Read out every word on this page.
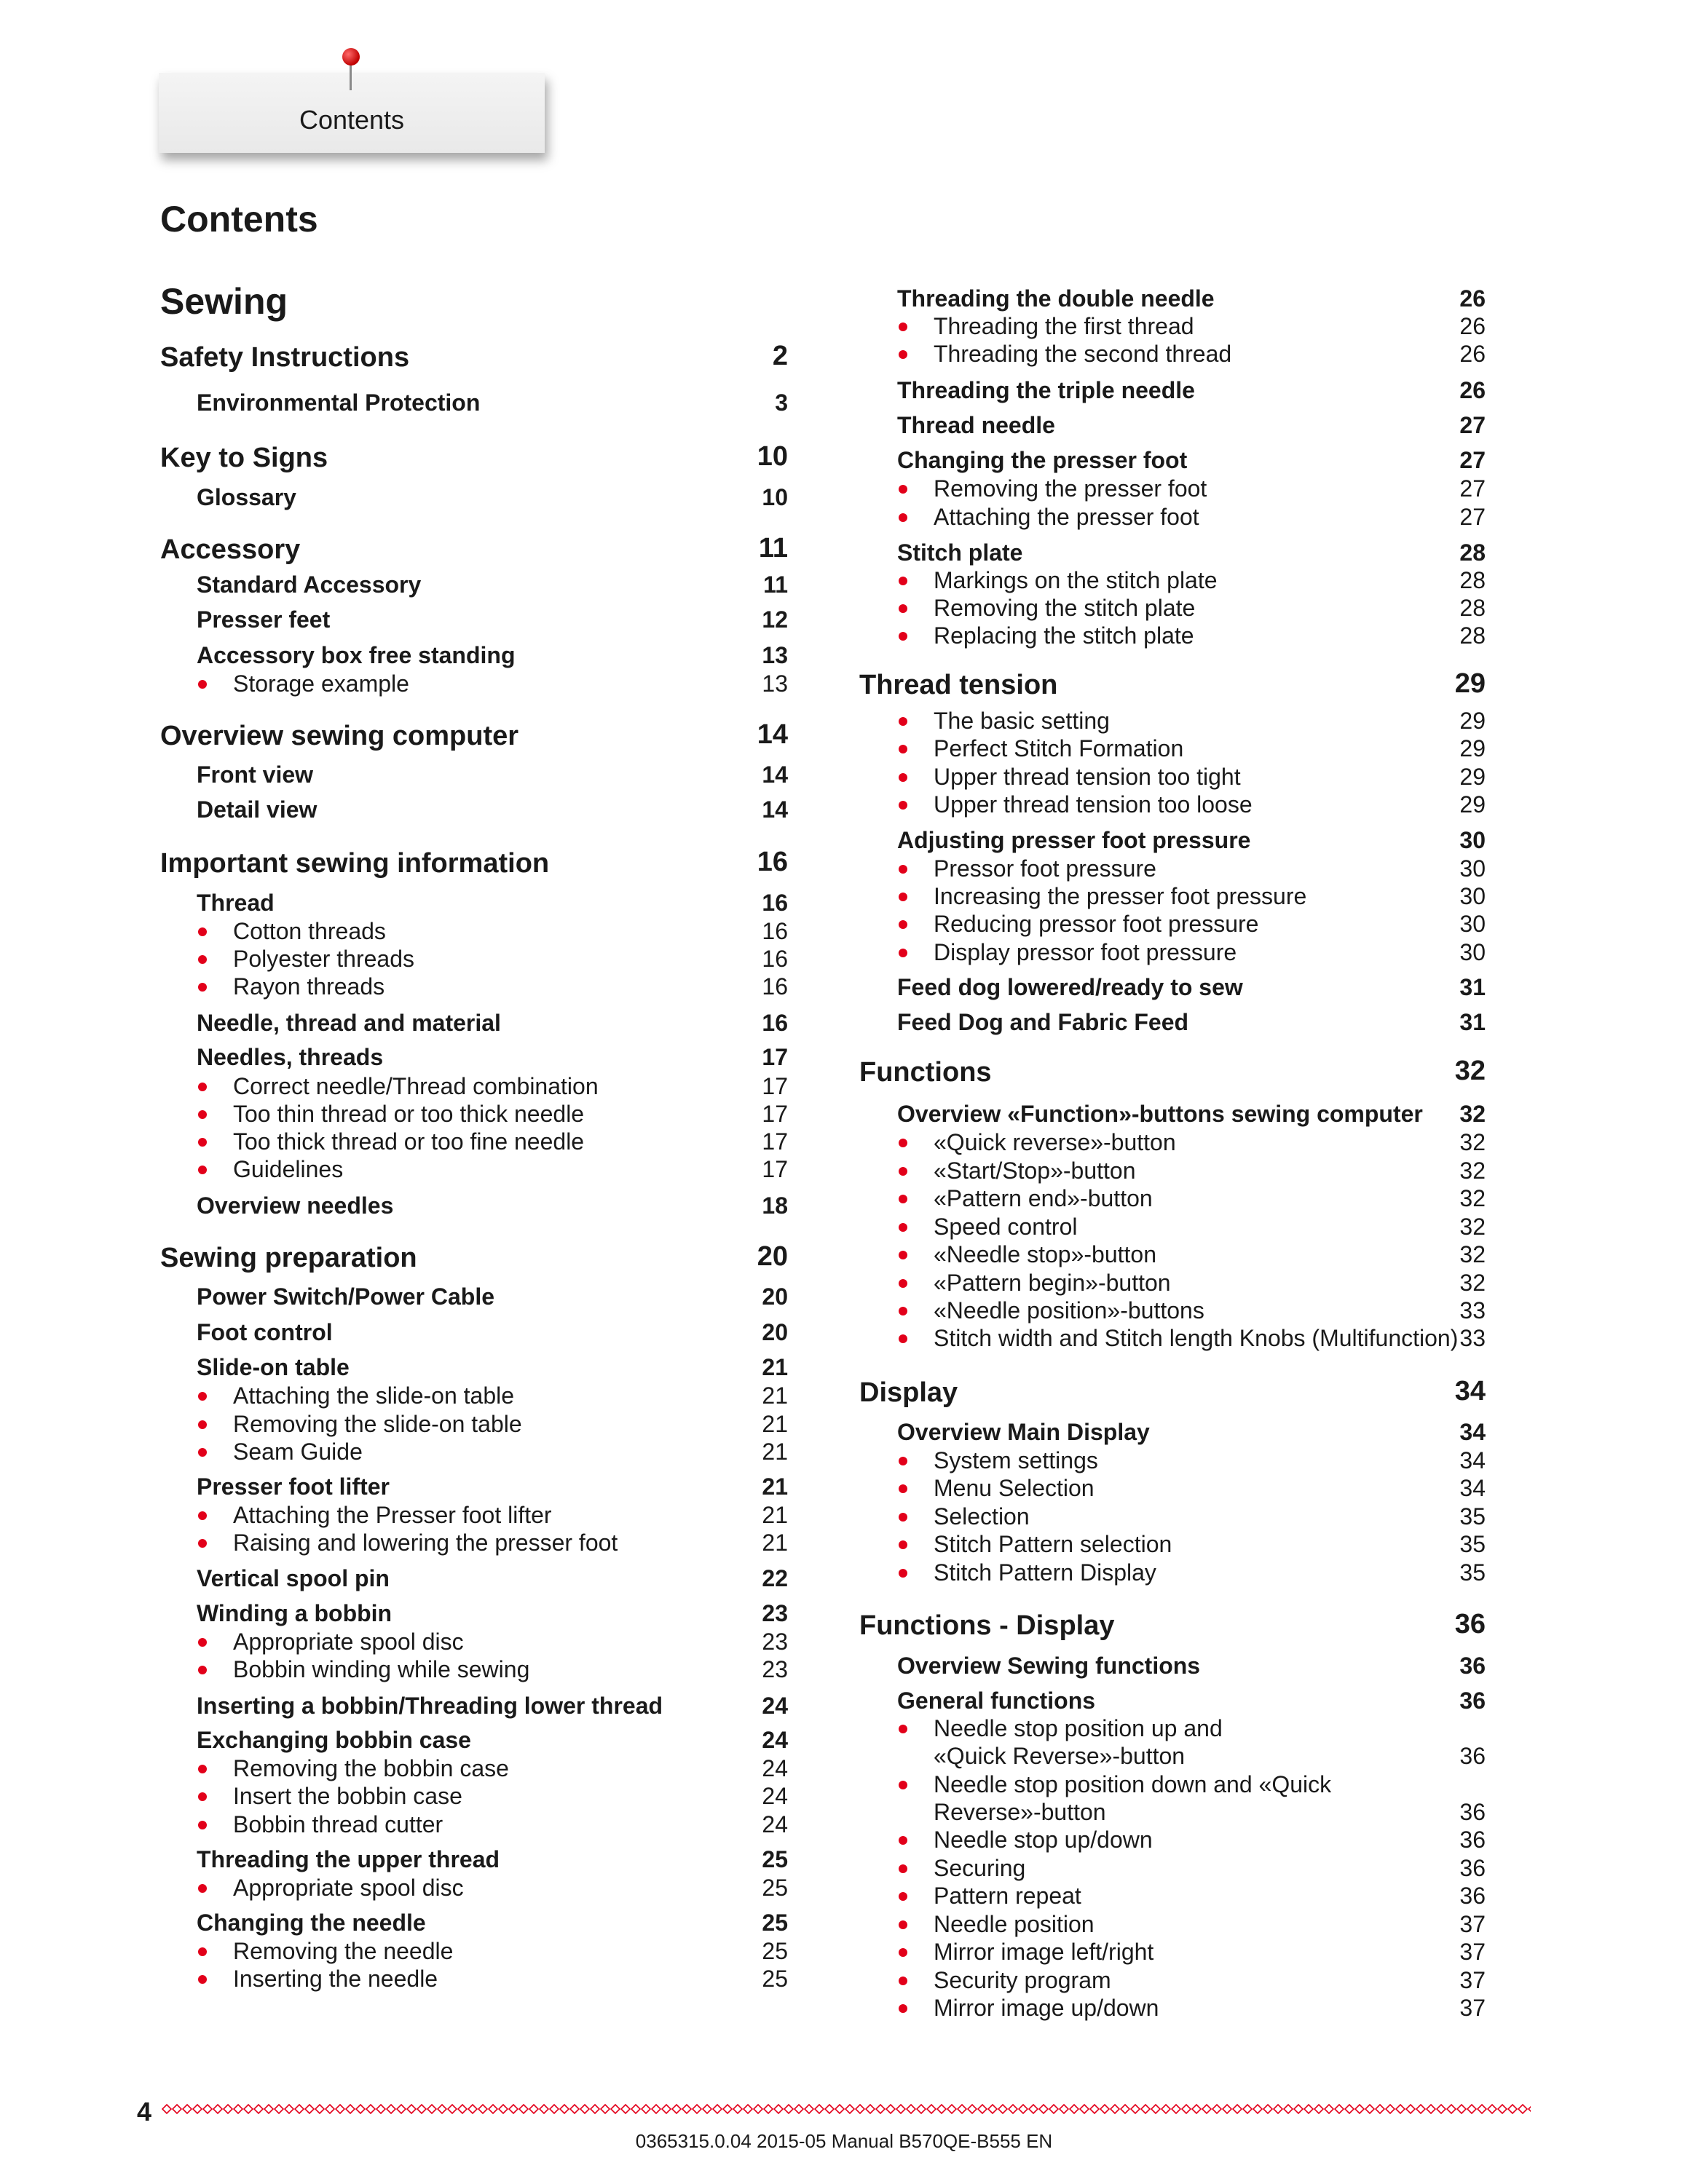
Contents
Contents
Sewing
Safety Instructions	2
Environmental Protection	3
Key to Signs	10
Glossary	10
Accessory	11
Standard Accessory	11
Presser feet	12
Accessory box free standing	13
Storage example	13
Overview sewing computer	14
Front view	14
Detail view	14
Important sewing information	16
Thread	16
Cotton threads	16
Polyester threads	16
Rayon threads	16
Needle, thread and material	16
Needles, threads	17
Correct needle/Thread combination	17
Too thin thread or too thick needle	17
Too thick thread or too fine needle	17
Guidelines	17
Overview needles	18
Sewing preparation	20
Power Switch/Power Cable	20
Foot control	20
Slide-on table	21
Attaching the slide-on table	21
Removing the slide-on table	21
Seam Guide	21
Presser foot lifter	21
Attaching the Presser foot lifter	21
Raising and lowering the presser foot	21
Vertical spool pin	22
Winding a bobbin	23
Appropriate spool disc	23
Bobbin winding while sewing	23
Inserting a bobbin/Threading lower thread	24
Exchanging bobbin case	24
Removing the bobbin case	24
Insert the bobbin case	24
Bobbin thread cutter	24
Threading the upper thread	25
Appropriate spool disc	25
Changing the needle	25
Removing the needle	25
Inserting the needle	25
Threading the double needle	26
Threading the first thread	26
Threading the second thread	26
Threading the triple needle	26
Thread needle	27
Changing the presser foot	27
Removing the presser foot	27
Attaching the presser foot	27
Stitch plate	28
Markings on the stitch plate	28
Removing the stitch plate	28
Replacing the stitch plate	28
Thread tension	29
The basic setting	29
Perfect Stitch Formation	29
Upper thread tension too tight	29
Upper thread tension too loose	29
Adjusting presser foot pressure	30
Pressor foot pressure	30
Increasing the presser foot pressure	30
Reducing pressor foot pressure	30
Display pressor foot pressure	30
Feed dog lowered/ready to sew	31
Feed Dog and Fabric Feed	31
Functions	32
Overview «Function»-buttons sewing computer	32
«Quick reverse»-button	32
«Start/Stop»-button	32
«Pattern end»-button	32
Speed control	32
«Needle stop»-button	32
«Pattern begin»-button	32
«Needle position»-buttons	33
Stitch width and Stitch length Knobs (Multifunction) 33
Display	34
Overview Main Display	34
System settings	34
Menu Selection	34
Selection	35
Stitch Pattern selection	35
Stitch Pattern Display	35
Functions - Display	36
Overview Sewing functions	36
General functions	36
Needle stop position up and
«Quick Reverse»-button	36
Needle stop position down and «Quick
Reverse»-button	36
Needle stop up/down	36
Securing	36
Pattern repeat	36
Needle position	37
Mirror image left/right	37
Security program	37
Mirror image up/down	37
4
0365315.0.04 2015-05 Manual B570QE-B555 EN
